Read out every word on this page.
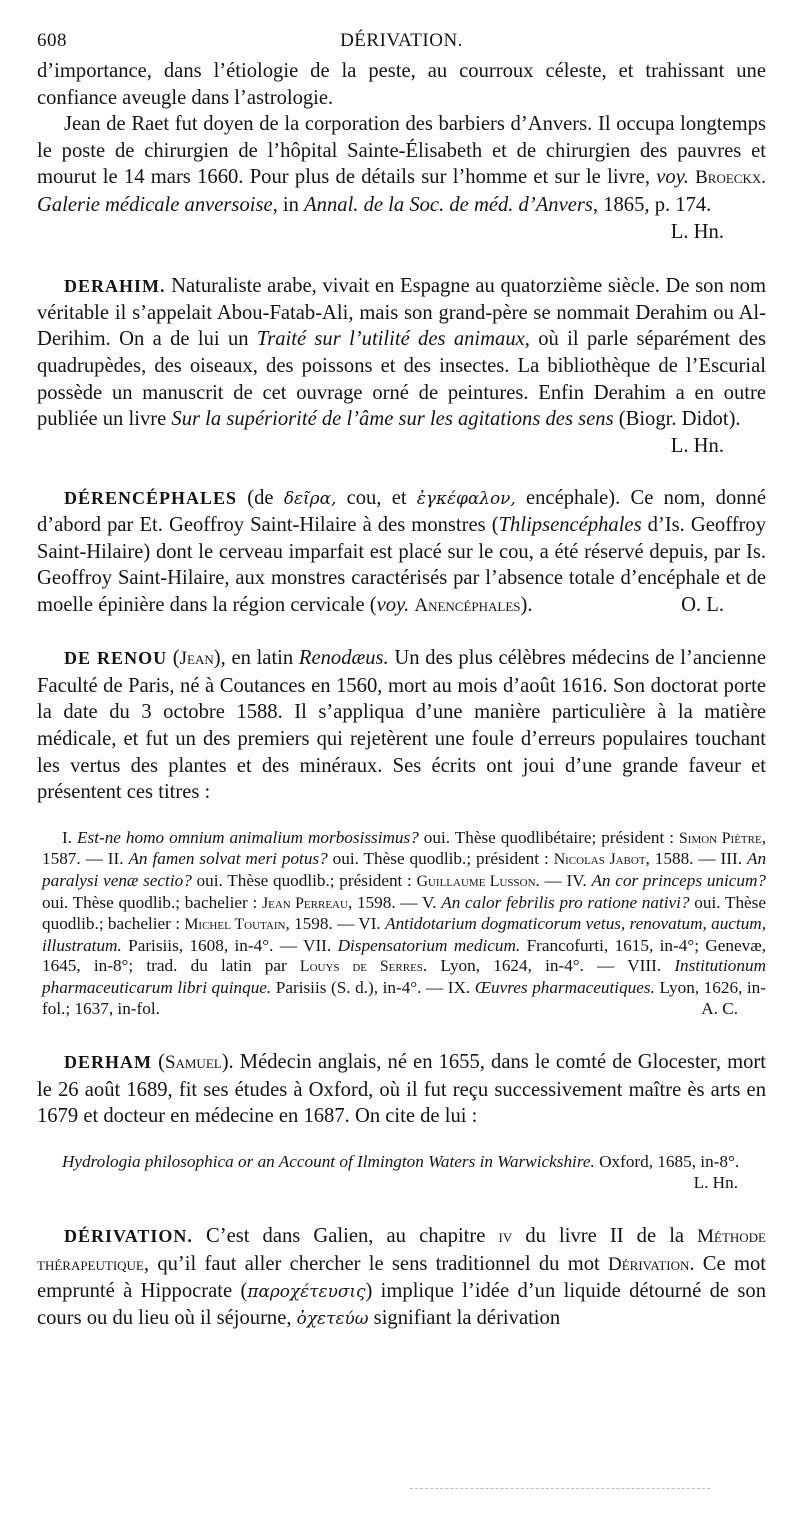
608	DÉRIVATION.

d’importance, dans l’étiologie de la peste, au courroux céleste, et trahissant une confiance aveugle dans l’astrologie.

Jean de Raet fut doyen de la corporation des barbiers d’Anvers. Il occupa longtemps le poste de chirurgien de l’hôpital Sainte-Élisabeth et de chirurgien des pauvres et mourut le 14 mars 1660. Pour plus de détails sur l’homme et sur le livre, voy. Broeckx. Galerie médicale anversoise, in Annal. de la Soc. de méd. d’Anvers, 1865, p. 174.
L. Hn.

DERAHIM. Naturaliste arabe, vivait en Espagne au quatorzième siècle. De son nom véritable il s’appelait Abou-Fatab-Ali, mais son grand-père se nommait Derahim ou Al-Derihim. On a de lui un Traité sur l’utilité des animaux, où il parle séparément des quadrupèdes, des oiseaux, des poissons et des insectes. La bibliothèque de l’Escurial possède un manuscrit de cet ouvrage orné de peintures. Enfin Derahim a en outre publiée un livre Sur la supériorité de l’âme sur les agitations des sens (Biogr. Didot).
L. Hn.

DÉRENCÉPHALES (de δεῖρα, cou, et ἐγκέφαλον, encéphale). Ce nom, donné d’abord par Et. Geoffroy Saint-Hilaire à des monstres (Thlipsencéphales d’Is. Geoffroy Saint-Hilaire) dont le cerveau imparfait est placé sur le cou, a été réservé depuis, par Is. Geoffroy Saint-Hilaire, aux monstres caractérisés par l’absence totale d’encéphale et de moelle épinière dans la région cervicale (voy. Anencéphales).	O. L.

DE RENOU (Jean), en latin Renodæus. Un des plus célèbres médecins de l’ancienne Faculté de Paris, né à Coutances en 1560, mort au mois d’août 1616. Son doctorat porte la date du 3 octobre 1588. Il s’appliqua d’une manière particulière à la matière médicale, et fut un des premiers qui rejetèrent une foule d’erreurs populaires touchant les vertus des plantes et des minéraux. Ses écrits ont joui d’une grande faveur et présentent ces titres :

I. Est-ne homo omnium animalium morbosissimus? oui. Thèse quodlibétaire; président : Simon Piètre, 1587. — II. An famen solvat meri potus? oui. Thèse quodlib.; président : Nicolas Jabot, 1588. — III. An paralysi venæ sectio? oui. Thèse quodlib.; président : Guillaume Lusson. — IV. An cor princeps unicum? oui. Thèse quodlib.; bachelier : Jean Perreau, 1598. — V. An calor febrilis pro ratione nativi? oui. Thèse quodlib.; bachelier : Michel Toutain, 1598. — VI. Antidotarium dogmaticorum vetus, renovatum, auctum, illustratum. Parisiis, 1608, in-4°. — VII. Dispensatorium medicum. Francofurti, 1615, in-4°; Genevæ, 1645, in-8°; trad. du latin par Louys de Serres. Lyon, 1624, in-4°. — VIII. Institutionum pharmaceuticarum libri quinque. Parisiis (S. d.), in-4°. — IX. Œuvres pharmaceutiques. Lyon, 1626, in-fol.; 1637, in-fol.	A. C.

DERHAM (Samuel). Médecin anglais, né en 1655, dans le comté de Glocester, mort le 26 août 1689, fit ses études à Oxford, où il fut reçu successivement maître ès arts en 1679 et docteur en médecine en 1687. On cite de lui :

Hydrologia philosophica or an Account of Ilmington Waters in Warwickshire. Oxford, 1685, in-8°.
L. Hn.

DÉRIVATION. C’est dans Galien, au chapitre iv du livre II de la Méthode thérapeutique, qu’il faut aller chercher le sens traditionnel du mot Dérivation. Ce mot emprunté à Hippocrate (παροχέτευσις) implique l’idée d’un liquide détourné de son cours ou du lieu où il séjourne, ὀχετεύω signifiant la dérivation
